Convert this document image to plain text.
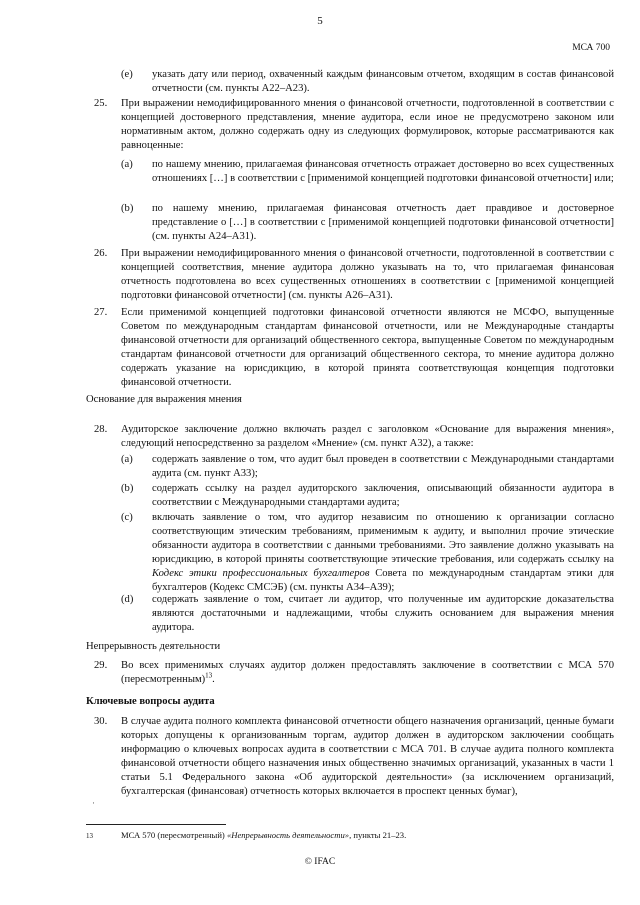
5
МСА 700
(е) указать дату или период, охваченный каждым финансовым отчетом, входящим в состав финансовой отчетности (см. пункты А22–А23).
25. При выражении немодифицированного мнения о финансовой отчетности, подготовленной в соответствии с концепцией достоверного представления, мнение аудитора, если иное не предусмотрено законом или нормативным актом, должно содержать одну из следующих формулировок, которые рассматриваются как равноценные:
(а) по нашему мнению, прилагаемая финансовая отчетность отражает достоверно во всех существенных отношениях […] в соответствии с [применимой концепцией подготовки финансовой отчетности] или;
(b) по нашему мнению, прилагаемая финансовая отчетность дает правдивое и достоверное представление о […] в соответствии с [применимой концепцией подготовки финансовой отчетности] (см. пункты А24–А31).
26. При выражении немодифицированного мнения о финансовой отчетности, подготовленной в соответствии с концепцией соответствия, мнение аудитора должно указывать на то, что прилагаемая финансовая отчетность подготовлена во всех существенных отношениях в соответствии с [применимой концепцией подготовки финансовой отчетности] (см. пункты А26–А31).
27. Если применимой концепцией подготовки финансовой отчетности являются не МСФО, выпущенные Советом по международным стандартам финансовой отчетности, или не Международные стандарты финансовой отчетности для организаций общественного сектора, выпущенные Советом по международным стандартам финансовой отчетности для организаций общественного сектора, то мнение аудитора должно содержать указание на юрисдикцию, в которой принята соответствующая концепция подготовки финансовой отчетности.
Основание для выражения мнения
28. Аудиторское заключение должно включать раздел с заголовком «Основание для выражения мнения», следующий непосредственно за разделом «Мнение» (см. пункт А32), а также:
(a) содержать заявление о том, что аудит был проведен в соответствии с Международными стандартами аудита (см. пункт А33);
(b) содержать ссылку на раздел аудиторского заключения, описывающий обязанности аудитора в соответствии с Международными стандартами аудита;
(c) включать заявление о том, что аудитор независим по отношению к организации согласно соответствующим этическим требованиям, применимым к аудиту, и выполнил прочие этические обязанности аудитора в соответствии с данными требованиями. Это заявление должно указывать на юрисдикцию, в которой приняты соответствующие этические требования, или содержать ссылку на Кодекс этики профессиональных бухгалтеров Совета по международным стандартам этики для бухгалтеров (Кодекс СМСЭБ) (см. пункты А34–А39);
(d) содержать заявление о том, считает ли аудитор, что полученные им аудиторские доказательства являются достаточными и надлежащими, чтобы служить основанием для выражения мнения аудитора.
Непрерывность деятельности
29. Во всех применимых случаях аудитор должен предоставлять заключение в соответствии с МСА 570 (пересмотренным)$^{13}$.
Ключевые вопросы аудита
30. В случае аудита полного комплекта финансовой отчетности общего назначения организаций, ценные бумаги которых допущены к организованным торгам, аудитор должен в аудиторском заключении сообщать информацию о ключевых вопросах аудита в соответствии с МСА 701. В случае аудита полного комплекта финансовой отчетности общего назначения иных общественно значимых организаций, указанных в части 1 статьи 5.1 Федерального закона «Об аудиторской деятельности» (за исключением организаций, бухгалтерская (финансовая) отчетность которых включается в проспект ценных бумаг),
·
13	МСА 570 (пересмотренный) «Непрерывность деятельности», пункты 21–23.
© IFAC
